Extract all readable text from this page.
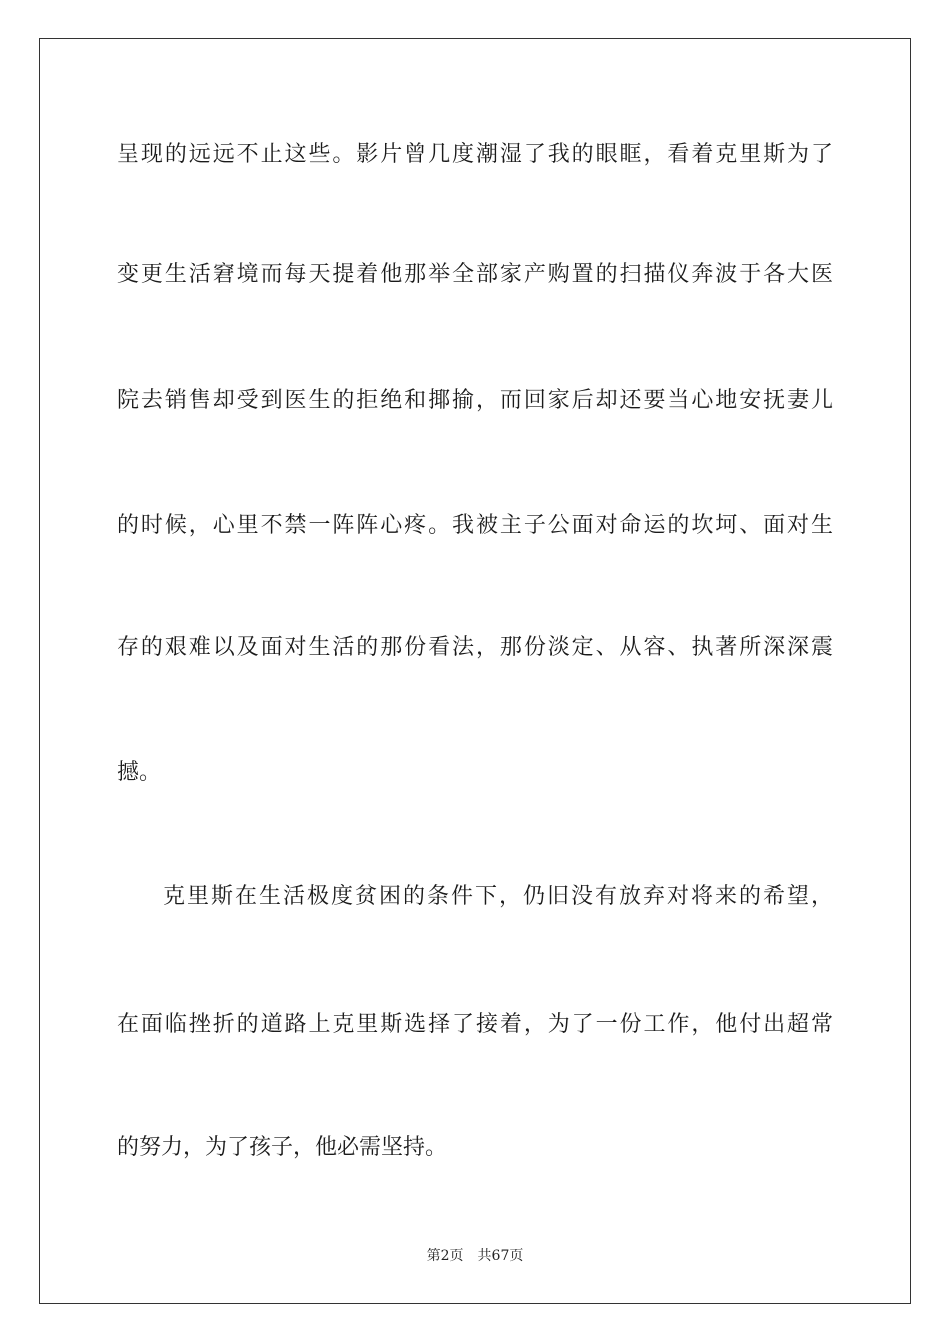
呈现的远远不止这些。影片曾几度潮湿了我的眼眶，看着克里斯为了
变更生活窘境而每天提着他那举全部家产购置的扫描仪奔波于各大医
院去销售却受到医生的拒绝和揶揄，而回家后却还要当心地安抚妻儿
的时候，心里不禁一阵阵心疼。我被主子公面对命运的坎坷、面对生
存的艰难以及面对生活的那份看法，那份淡定、从容、执著所深深震
撼。
克里斯在生活极度贫困的条件下，仍旧没有放弃对将来的希望，
在面临挫折的道路上克里斯选择了接着，为了一份工作，他付出超常
的努力，为了孩子，他必需坚持。
第2页 共67页
